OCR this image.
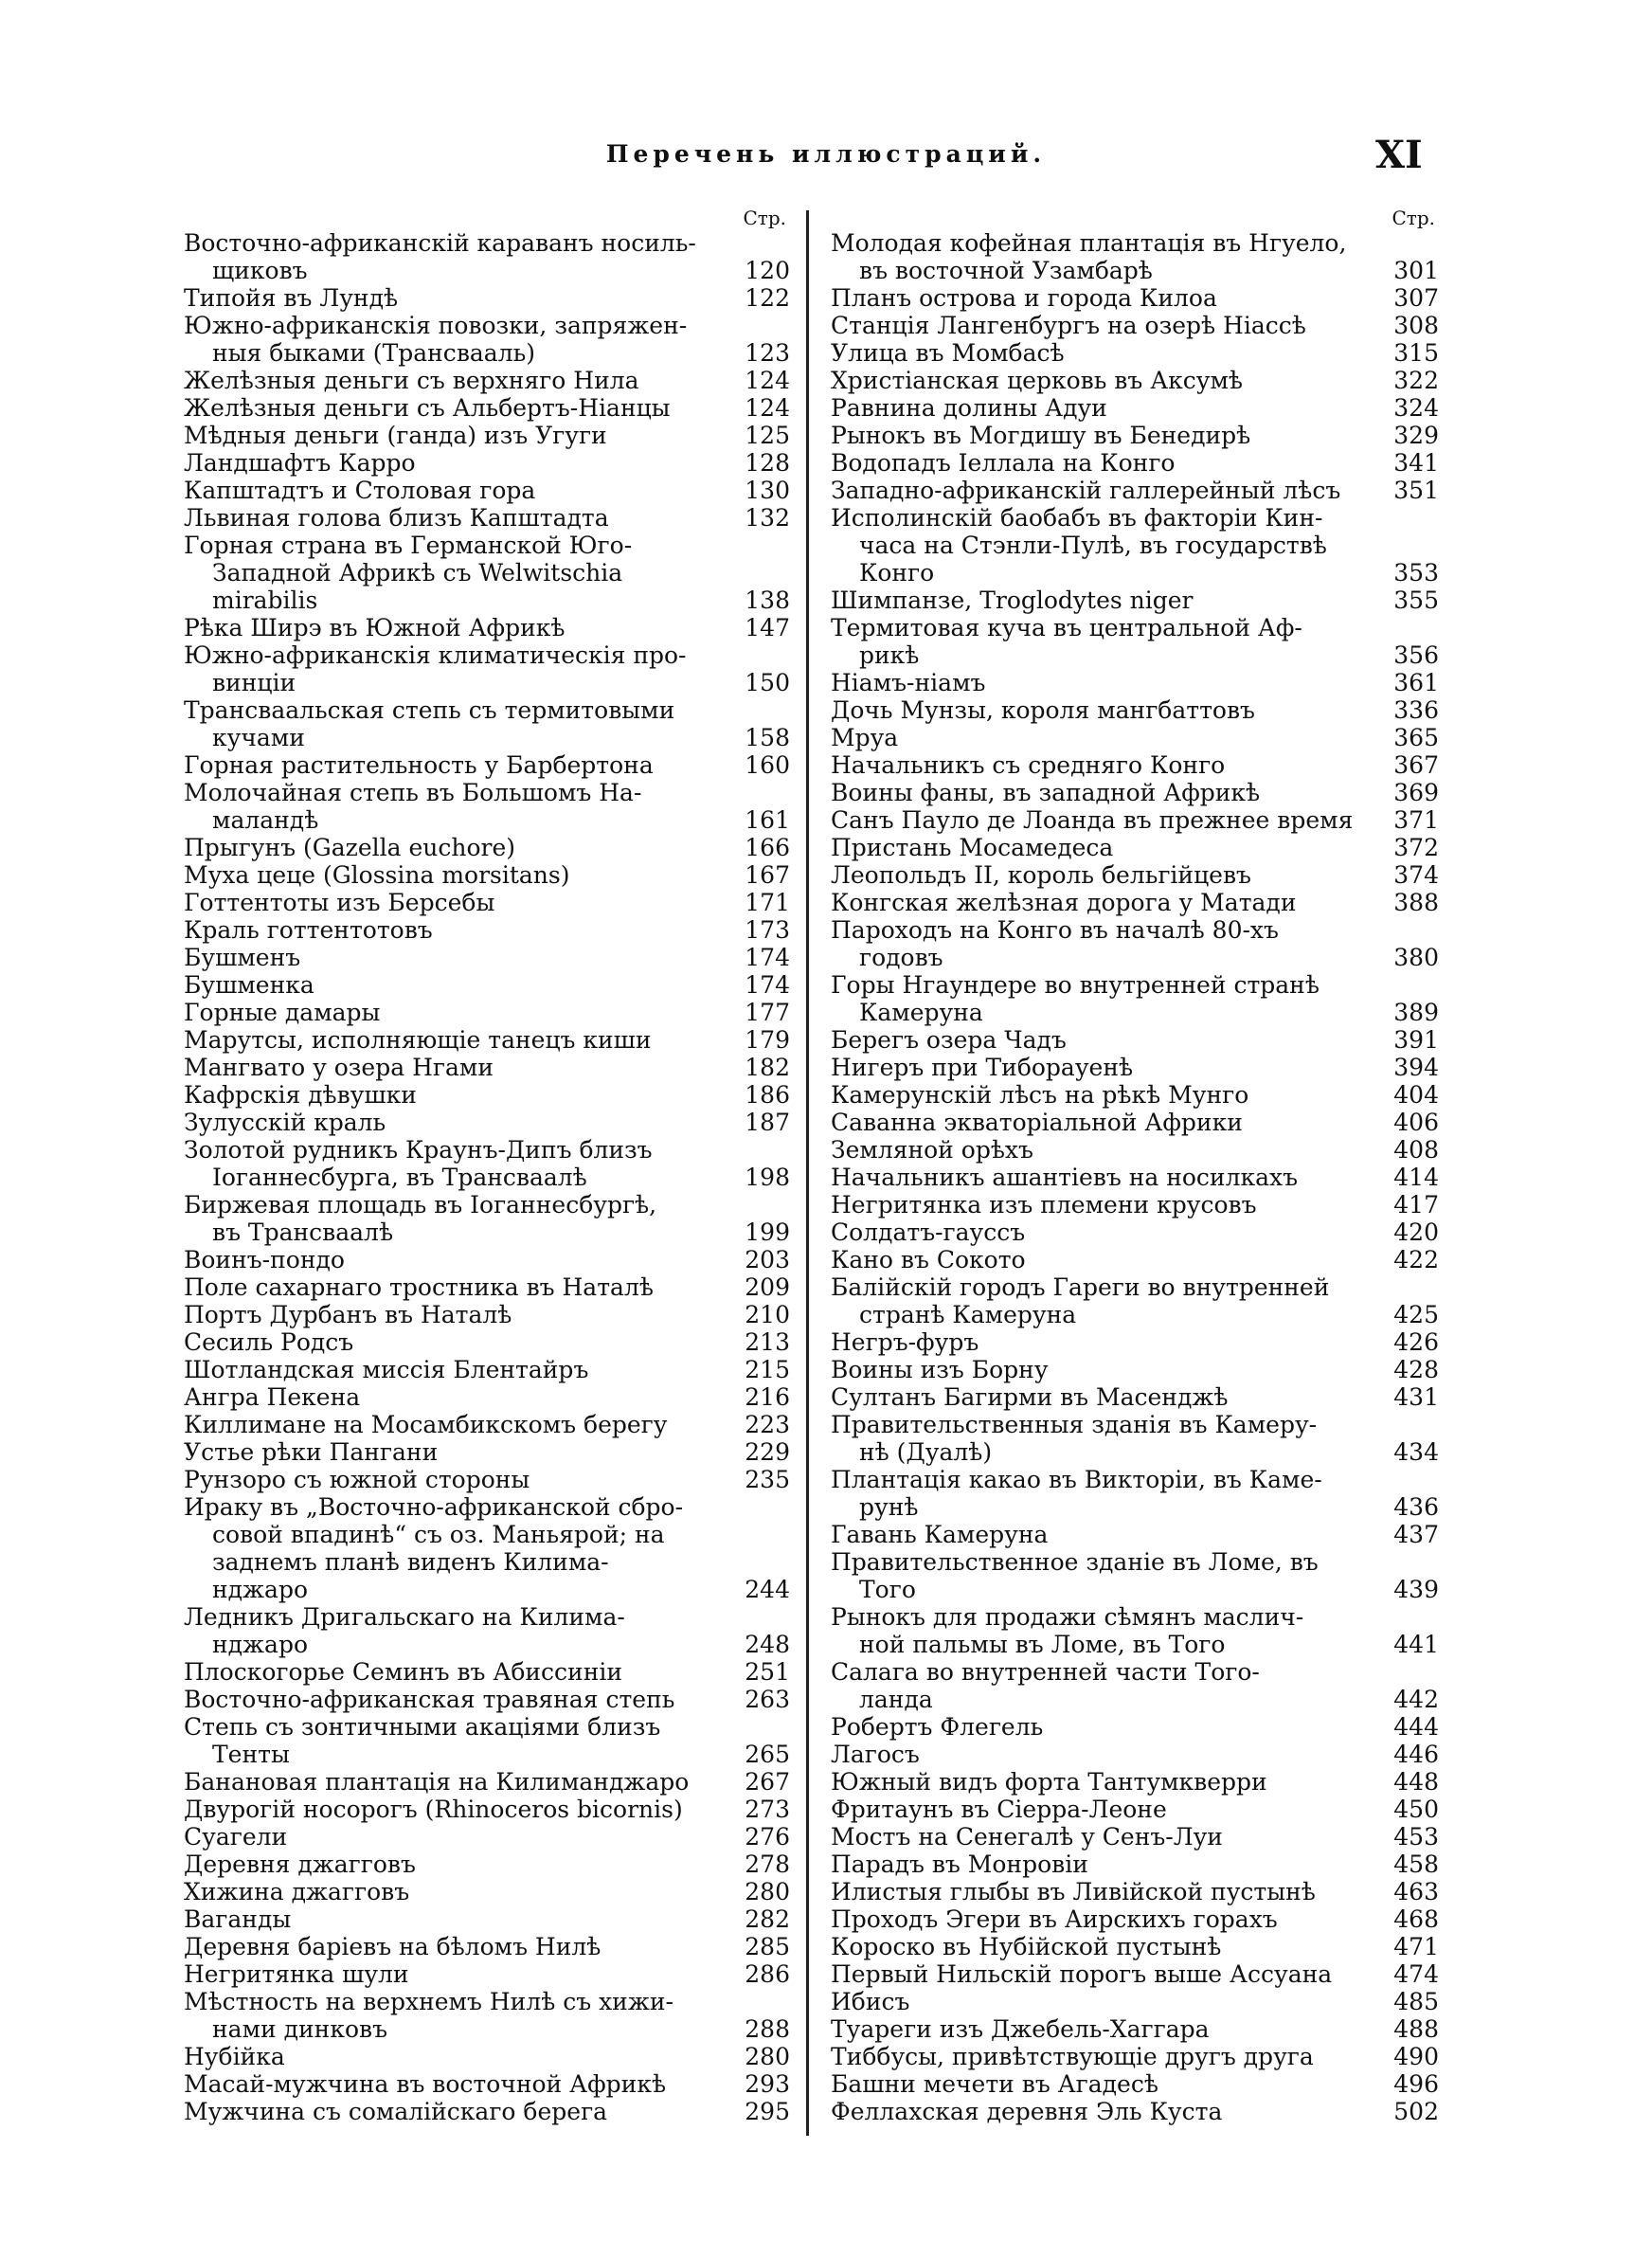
Перечень иллюстраций.	XI
Стр.
Восточно-африканскій караванъ носиль-
щиковъ	120
Типойя въ Лундѣ	122
Южно-африканскія повозки, запряжен-
ныя быками (Трансвааль)	123
Желѣзныя деньги съ верхняго Нила	124
Желѣзныя деньги съ Альбертъ-Ніанцы	124
Мѣдныя деньги (ганда) изъ Угуги	125
Ландшафтъ Карро	128
Капштадтъ и Столовая гора	130
Львиная голова близъ Капштадта	132
Горная страна въ Германской Юго-
Западной Африкѣ съ Welwitschia
mirabilis	138
Рѣка Ширэ въ Южной Африкѣ	147
Южно-африканскія климатическія про-
винціи	150
Трансваальская степь съ термитовыми
кучами	158
Горная растительность у Барбертона	160
Молочайная степь въ Большомъ На-
маландѣ	161
Прыгунъ (Gazella euchore)	166
Муха цеце (Glossina morsitans)	167
Готтентоты изъ Берсебы	171
Краль готтентотовъ	173
Бушменъ	174
Бушменка	174
Горные дамары	177
Марутсы, исполняющіе танецъ киши	179
Мангвато у озера Нгами	182
Кафрскія дѣвушки	186
Зулусскій краль	187
Золотой рудникъ Краунъ-Дипъ близъ
Іоганнесбурга, въ Трансваалѣ	198
Биржевая площадь въ Іоганнесбургѣ,
въ Трансваалѣ	199
Воинъ-пондо	203
Поле сахарнаго тростника въ Наталѣ	209
Портъ Дурбанъ въ Наталѣ	210
Сесиль Родсъ	213
Шотландская миссія Блентайръ	215
Ангра Пекена	216
Киллимане на Мосамбикскомъ берегу	223
Устье рѣки Пангани	229
Рунзоро съ южной стороны	235
Ираку въ „Восточно-африканской сбро-
совой впадинѣ“ съ оз. Маньярой; на
заднемъ планѣ виденъ Килима-
нджаро	244
Ледникъ Дригальскаго на Килима-
нджаро	248
Плоскогорье Семинъ въ Абиссиніи	251
Восточно-африканская травяная степь	263
Степь съ зонтичными акаціями близъ
Тенты	265
Банановая плантація на Килимандж‍аро	267
Двурогій носорогъ (Rhinoceros bicornis)	273
Суагели	276
Деревня джагговъ	278
Хижина джагговъ	280
Ваганды	282
Деревня баріевъ на бѣломъ Нилѣ	285
Негритянка шули	286
Мѣстность на верхнемъ Нилѣ съ хижи-
нами динковъ	288
Нубійка	280
Масай-мужчина въ восточной Африкѣ	293
Мужчина съ сомалійскаго берега	295
Стр.
Молодая кофейная плантація въ Нгуело,
въ восточной Узамбарѣ	301
Планъ острова и города Килоа	307
Станція Лангенбургъ на озерѣ Ніассѣ	308
Улица въ Момбасѣ	315
Христіанская церковь въ Аксумѣ	322
Равнина долины Адуи	324
Рынокъ въ Могдишу въ Бенедирѣ	329
Водопадъ Іеллала на Конго	341
Западно-африканскій галлерейный лѣсъ	351
Исполинскій баобабъ въ факторіи Кин-
часа на Стэнли-Пулѣ, въ государствѣ
Конго	353
Шимпанзе, Troglodytes niger	355
Термитовая куча въ центральной Аф-
рикѣ	356
Ніамъ-ніамъ	361
Дочь Мунзы, короля мангбаттовъ	336
Мруа	365
Начальникъ съ средняго Конго	367
Воины фаны, въ западной Африкѣ	369
Санъ Пауло де Лоанда въ прежнее время	371
Пристань Мосамедеса	372
Леопольдъ II, король бельгійцевъ	374
Конгская желѣзная дорога у Матади	388
Пароходъ на Конго въ началѣ 80-хъ
годовъ	380
Горы Нгаундере во внутренней странѣ
Камеруна	389
Берегъ озера Чадъ	391
Нигеръ при Тиборауенѣ	394
Камерунскій лѣсъ на рѣкѣ Мунго	404
Саванна экваторіальной Африки	406
Земляной орѣхъ	408
Начальникъ ашантіевъ на носилкахъ	414
Негритянка изъ племени крусовъ	417
Солдатъ-гауссъ	420
Кано въ Сокото	422
Балійскій городъ Гареги во внутренней
странѣ Камеруна	425
Негръ-фуръ	426
Воины изъ Борну	428
Султанъ Багирми въ Масенджѣ	431
Правительственныя зданія въ Камеру-
нѣ (Дуалѣ)	434
Плантація какао въ Викторіи, въ Каме-
рунѣ	436
Гавань Камеруна	437
Правительственное зданіе въ Ломе, въ
Того	439
Рынокъ для продажи сѣмянъ маслич-
ной пальмы въ Ломе, въ Того	441
Салага во внутренней части Того-
ланда	442
Робертъ Флегель	444
Лагосъ	446
Южный видъ форта Тантумкверри	448
Фритаунъ въ Сіерра-Леоне	450
Мостъ на Сенегалѣ у Сенъ-Луи	453
Парадъ въ Монровіи	458
Илистыя глыбы въ Ливійской пустынѣ	463
Проходъ Эгери въ Аирскихъ горахъ	468
Короско въ Нубійской пустынѣ	471
Первый Нильскій порогъ выше Ассуана	474
Ибисъ	485
Туареги изъ Джебель-Хаггара	488
Тиббусы, привѣтствующіе другъ друга	490
Башни мечети въ Агадесѣ	496
Феллахская деревня Эль Куста	502
